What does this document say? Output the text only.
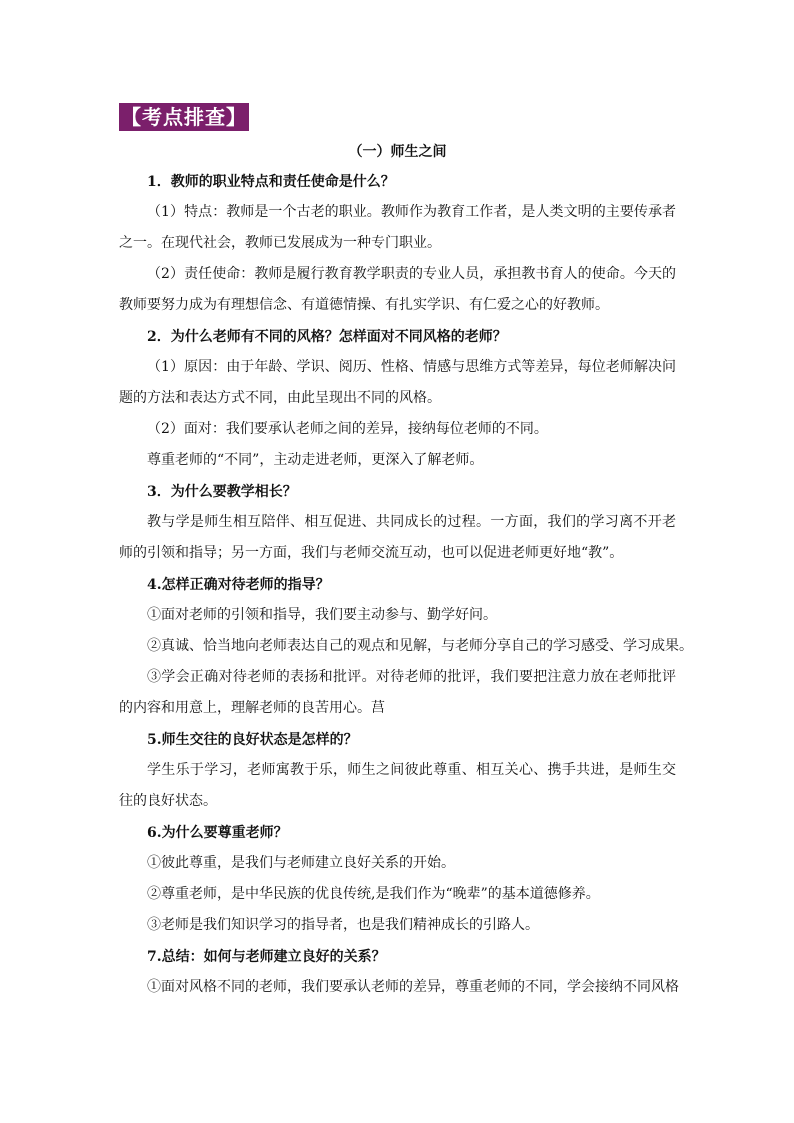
【考点排查】

（一）师生之间

1．教师的职业特点和责任使命是什么？

（1）特点：教师是一个古老的职业。教师作为教育工作者，是人类文明的主要传承者之一。在现代社会，教师已发展成为一种专门职业。

（2）责任使命：教师是履行教育教学职责的专业人员，承担教书育人的使命。今天的教师要努力成为有理想信念、有道德情操、有扎实学识、有仁爱之心的好教师。

2．为什么老师有不同的风格？怎样面对不同风格的老师？

（1）原因：由于年龄、学识、阅历、性格、情感与思维方式等差异，每位老师解决问题的方法和表达方式不同，由此呈现出不同的风格。

（2）面对：我们要承认老师之间的差异，接纳每位老师的不同。

尊重老师的“不同”，主动走进老师，更深入了解老师。

3．为什么要教学相长？

教与学是师生相互陪伴、相互促进、共同成长的过程。一方面，我们的学习离不开老师的引领和指导；另一方面，我们与老师交流互动，也可以促进老师更好地“教”。

4.怎样正确对待老师的指导？

①面对老师的引领和指导，我们要主动参与、勤学好问。

②真诚、恰当地向老师表达自己的观点和见解，与老师分享自己的学习感受、学习成果。

③学会正确对待老师的表扬和批评。对待老师的批评，我们要把注意力放在老师批评的内容和用意上，理解老师的良苦用心。莒

5.师生交往的良好状态是怎样的？

学生乐于学习，老师寓教于乐，师生之间彼此尊重、相互关心、携手共进，是师生交往的良好状态。

6.为什么要尊重老师？

①彼此尊重，是我们与老师建立良好关系的开始。

②尊重老师，是中华民族的优良传统,是我们作为“晚辈”的基本道德修养。

③老师是我们知识学习的指导者，也是我们精神成长的引路人。

7.总结：如何与老师建立良好的关系？

①面对风格不同的老师，我们要承认老师的差异，尊重老师的不同，学会接纳不同风格
